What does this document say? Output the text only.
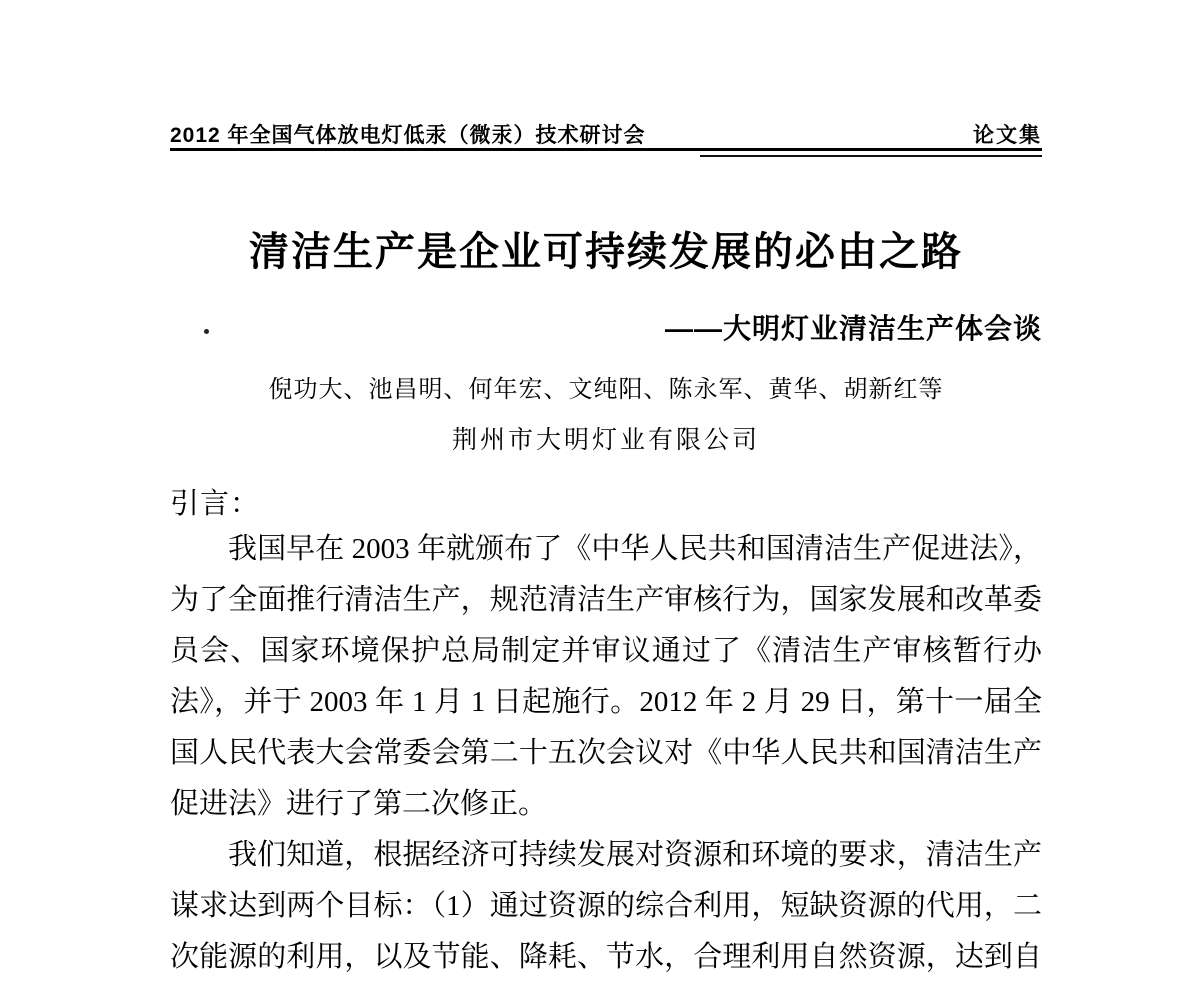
2012 年全国气体放电灯低汞（微汞）技术研讨会	论文集
清洁生产是企业可持续发展的必由之路
——大明灯业清洁生产体会谈
倪功大、池昌明、何年宏、文纯阳、陈永军、黄华、胡新红等
荆州市大明灯业有限公司
引言：

我国早在 2003 年就颁布了《中华人民共和国清洁生产促进法》，

为了全面推行清洁生产，规范清洁生产审核行为，国家发展和改革委

员会、国家环境保护总局制定并审议通过了《清洁生产审核暂行办

法》，并于 2003 年 1 月 1 日起施行。2012 年 2 月 29 日，第十一届全

国人民代表大会常委会第二十五次会议对《中华人民共和国清洁生产

促进法》进行了第二次修正。

我们知道，根据经济可持续发展对资源和环境的要求，清洁生产

谋求达到两个目标：（1）通过资源的综合利用，短缺资源的代用，二

次能源的利用，以及节能、降耗、节水，合理利用自然资源，达到自
